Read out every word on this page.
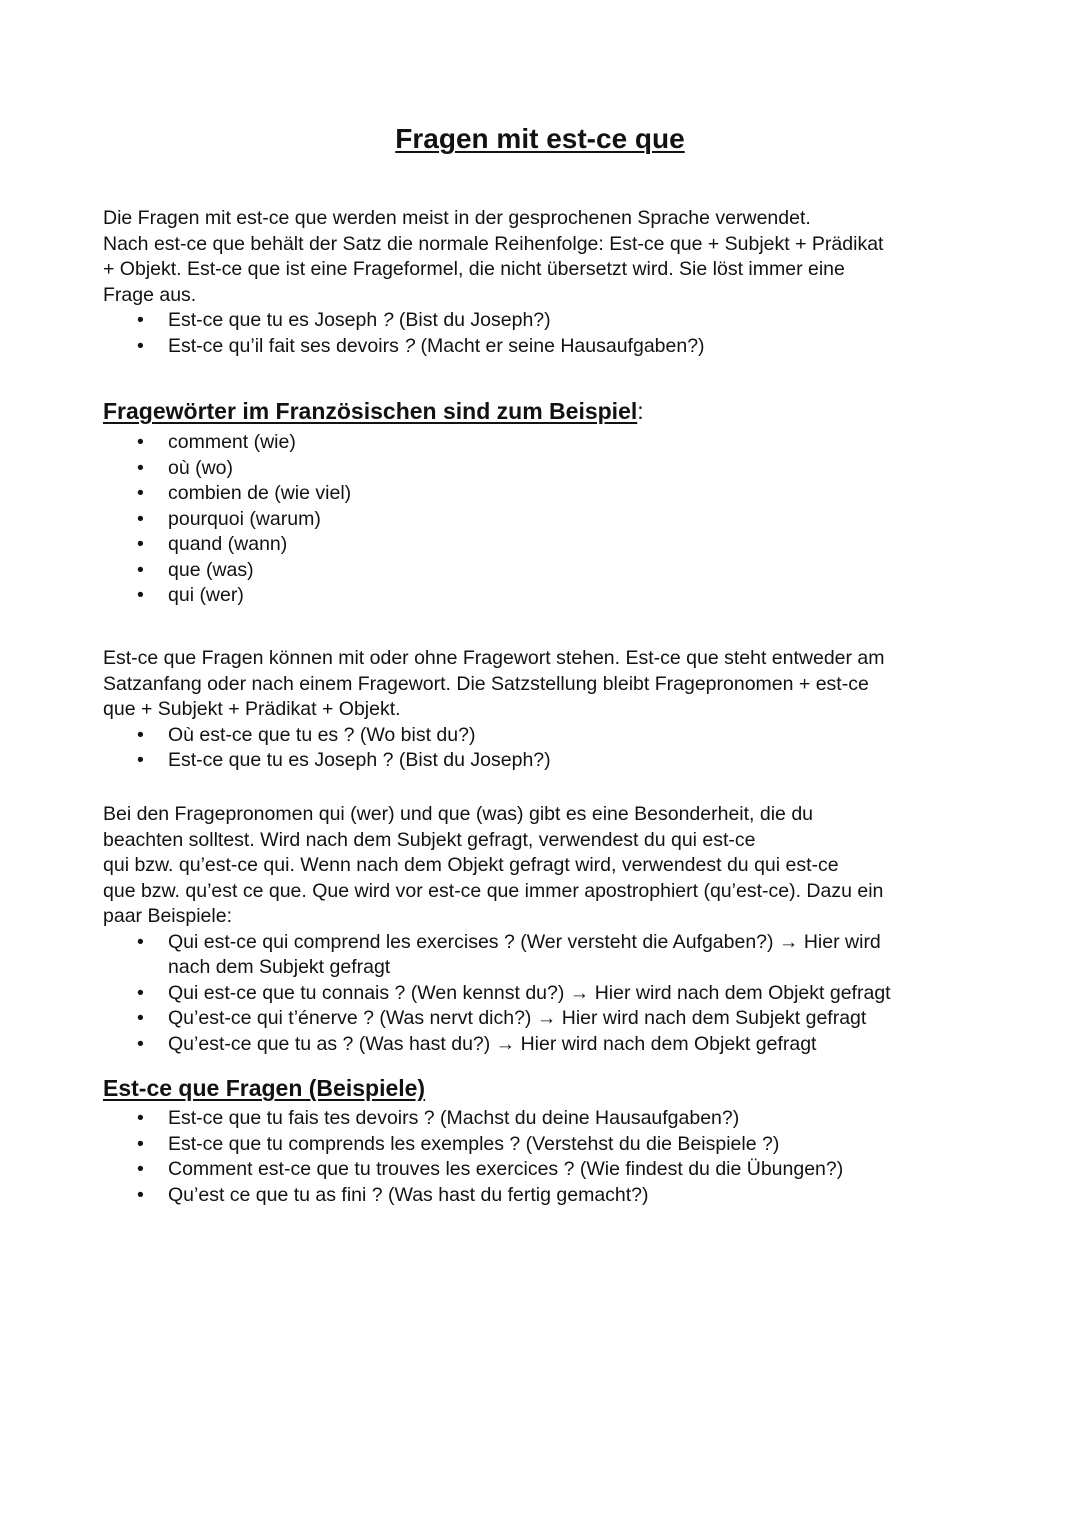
Fragen mit est-ce que

Die Fragen mit est-ce que werden meist in der gesprochenen Sprache verwendet.
Nach est-ce que behält der Satz die normale Reihenfolge: Est-ce que + Subjekt + Prädikat
+ Objekt. Est-ce que ist eine Frageformel, die nicht übersetzt wird. Sie löst immer eine
Frage aus.

• Est-ce que tu es Joseph ? (Bist du Joseph?)
• Est-ce qu’il fait ses devoirs ? (Macht er seine Hausaufgaben?)
Fragewörter im Französischen sind zum Beispiel:
• comment (wie)
• où (wo)
• combien de (wie viel)
• pourquoi (warum)
• quand (wann)
• que (was)
• qui (wer)

Est-ce que Fragen können mit oder ohne Fragewort stehen. Est-ce que steht entweder am
Satzanfang oder nach einem Fragewort. Die Satzstellung bleibt Fragepronomen + est-ce
que + Subjekt + Prädikat + Objekt.

• Où est-ce que tu es ? (Wo bist du?)
• Est-ce que tu es Joseph ? (Bist du Joseph?)

Bei den Fragepronomen qui (wer) und que (was) gibt es eine Besonderheit, die du
beachten solltest. Wird nach dem Subjekt gefragt, verwendest du qui est-ce
qui bzw. qu’est-ce qui. Wenn nach dem Objekt gefragt wird, verwendest du qui est-ce
que bzw. qu’est ce que. Que wird vor est-ce que immer apostrophiert (qu’est-ce). Dazu ein
paar Beispiele:

• Qui est-ce qui comprend les exercises ? (Wer versteht die Aufgaben?) → Hier wird
nach dem Subjekt gefragt
• Qui est-ce que tu connais ? (Wen kennst du?) → Hier wird nach dem Objekt gefragt
• Qu’est-ce qui t’énerve ? (Was nervt dich?) → Hier wird nach dem Subjekt gefragt
• Qu’est-ce que tu as ? (Was hast du?) → Hier wird nach dem Objekt gefragt
Est-ce que Fragen (Beispiele)
• Est-ce que tu fais tes devoirs ? (Machst du deine Hausaufgaben?)
• Est-ce que tu comprends les exemples ? (Verstehst du die Beispiele ?)
• Comment est-ce que tu trouves les exercices ? (Wie findest du die Übungen?)
• Qu’est ce que tu as fini ? (Was hast du fertig gemacht?)
